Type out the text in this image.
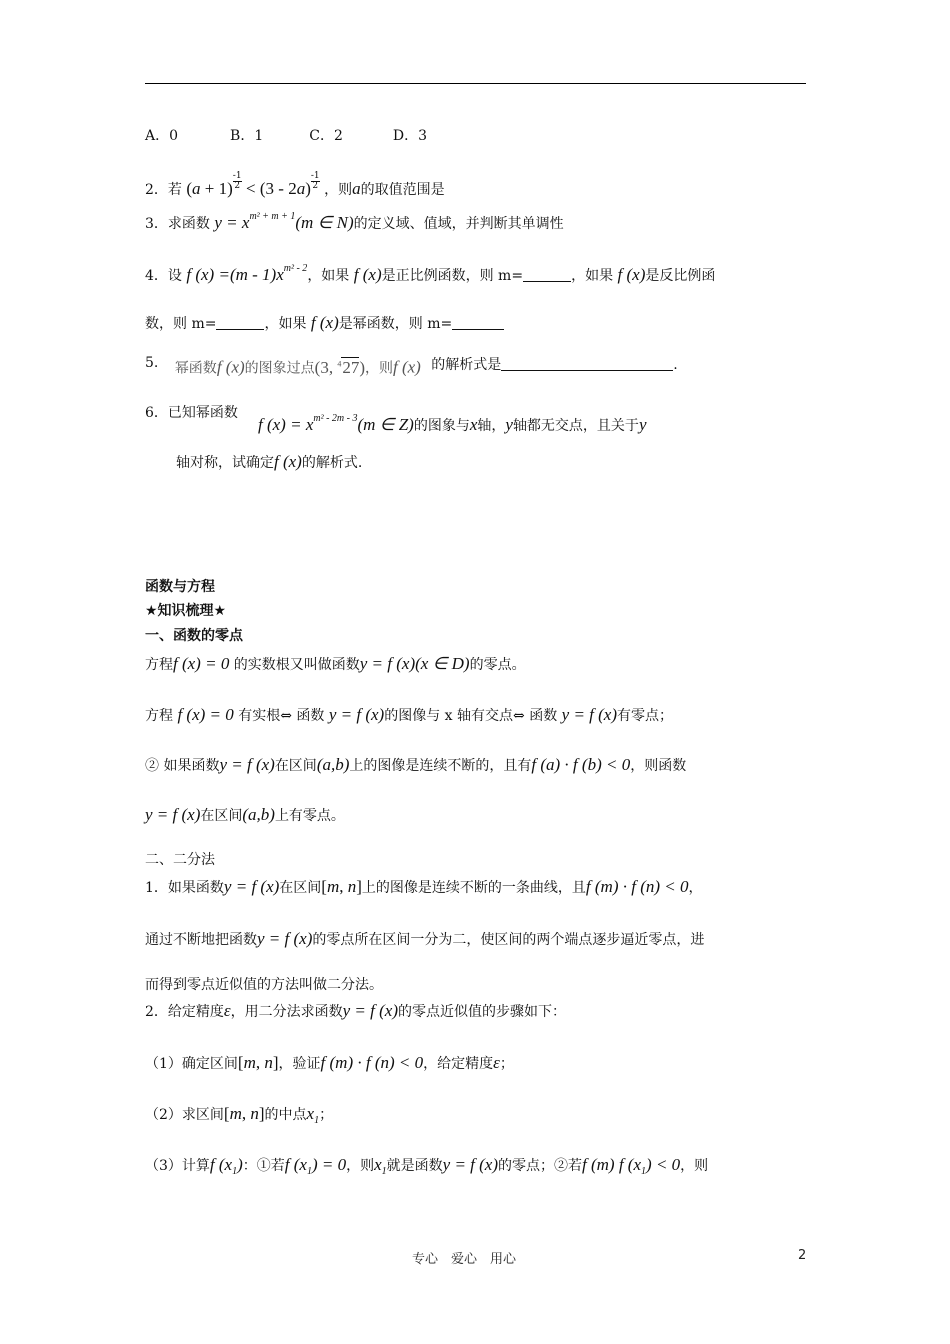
A．0	B．1	C．2	D．3
2．若 $(a + 1) \frac{-1}{2} < (3 - 2a) \frac{-1}{2}$ ，则a的取值范围是
3．求函数 $y = x^{m^2 + m + 1}(m$ ∈ N)的定义域、值域，并判断其单调性
4．设 f $(x) =(m - 1)x^{m^2 - 2}$，如果 f (x)是正比例函数，则 m=	，如果 f (x)是反比例函
数，则 m=	，如果 f (x)是幂函数，则 m=
5. 幂函数f (x)的图象过点(3, $^4$27)，则f (x) 的解析式是	.
6．已知幂函数
f $(x) = x^{m^2 - 2m - 3}(m$ ∈ Z)的图象与x轴，y轴都无交点，且关于y
轴对称，试确定f (x)的解析式.
函数与方程
★知识梳理★
一、函数的零点
方程f (x) = 0 的实数根又叫做函数y = f (x)(x ∈ D)的零点。
方程 f (x) = 0 有实根⇔ 函数 y = f (x)的图像与 x 轴有交点⇔ 函数 y = f (x)有零点；
② 如果函数y = f (x)在区间(a,b)上的图像是连续不断的，且有f (a) · f (b) < 0，则函数
y = f (x)在区间(a,b)上有零点。
二、二分法
1．如果函数y = f (x)在区间[m, n]上的图像是连续不断的一条曲线，且f (m) · f (n) < 0，
通过不断地把函数y = f (x)的零点所在区间一分为二，使区间的两个端点逐步逼近零点，进
而得到零点近似值的方法叫做二分法。
2．给定精度ε，用二分法求函数y = f (x)的零点近似值的步骤如下：
（1）确定区间[m, n]，验证f (m) · f (n) < 0，给定精度ε；
（2）求区间[m, n]的中点$x_1$；
（3）计算f $(x_1)$：①若f $(x_1) = 0$，则$x_1$就是函数y = f (x)的零点；②若f (m) f $(x_1) < 0$，则
专心　爱心　用心	2
